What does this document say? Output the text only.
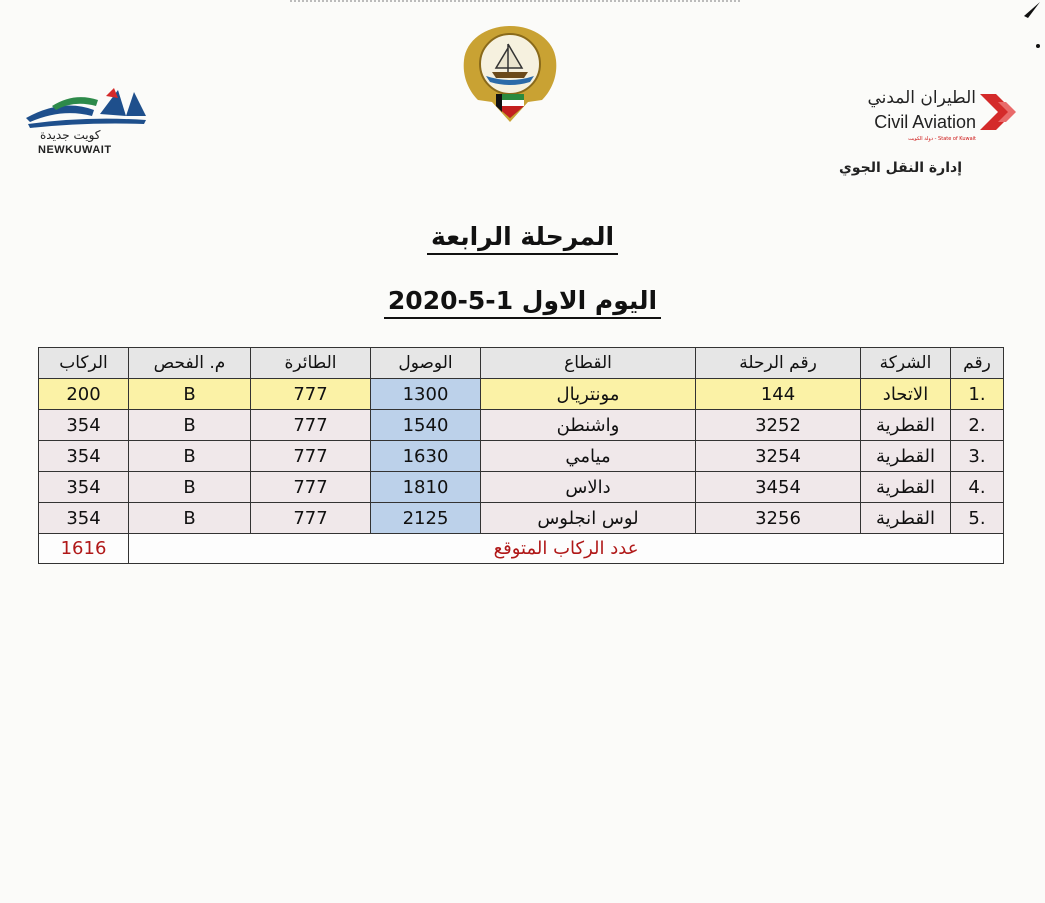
كويت جديدة
NEWKUWAIT
الطيران المدني
Civil Aviation
دولة الكويت - State of Kuwait
إدارة النقل الجوي
المرحلة الرابعة
اليوم الاول 1-5-2020
الركاب	م. الفحص	الطائرة	الوصول	القطاع	رقم الرحلة	الشركة	رقم
200	B	777	1300	مونتريال	144	الاتحاد	1.
354	B	777	1540	واشنطن	3252	القطرية	2.
354	B	777	1630	ميامي	3254	القطرية	3.
354	B	777	1810	دالاس	3454	القطرية	4.
354	B	777	2125	لوس انجلوس	3256	القطرية	5.
1616	عدد الركاب المتوقع						
